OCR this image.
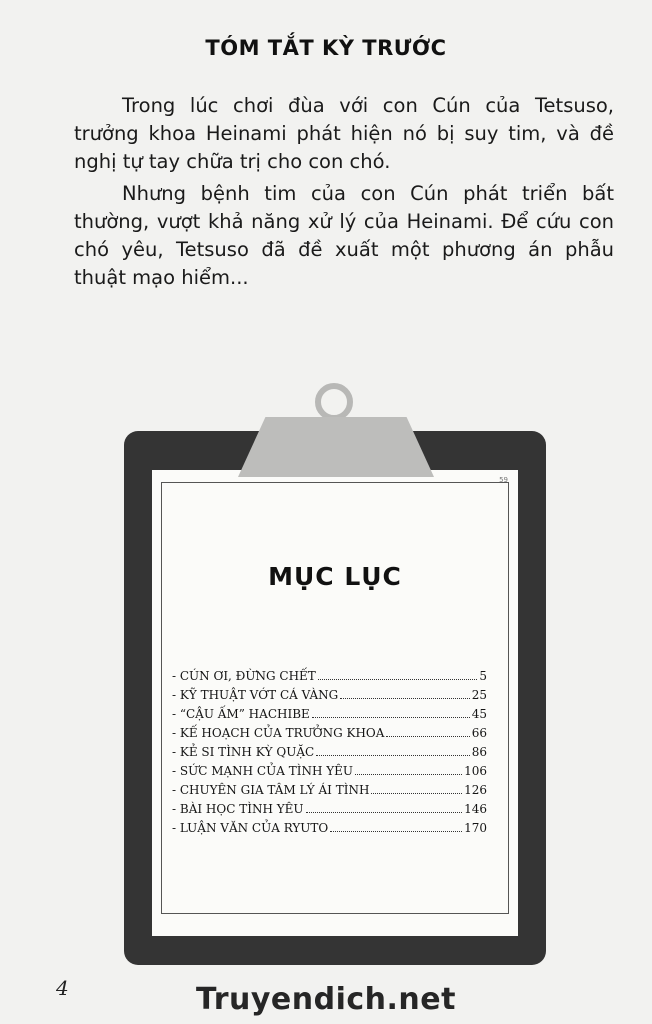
TÓM TẮT KỲ TRƯỚC

Trong lúc chơi đùa với con Cún của Tetsuso, trưởng khoa Heinami phát hiện nó bị suy tim, và đề nghị tự tay chữa trị cho con chó.

Nhưng bệnh tim của con Cún phát triển bất thường, vượt khả năng xử lý của Heinami. Để cứu con chó yêu, Tetsuso đã đề xuất một phương án phẫu thuật mạo hiểm...

59
MỤC LỤC
- CÚN ƠI, ĐỪNG CHẾT	5
- KỸ THUẬT VỚT CÁ VÀNG	25
- “CẬU ẤM” HACHIBE	45
- KẾ HOẠCH CỦA TRƯỞNG KHOA	66
- KẺ SI TÌNH KỲ QUẶC	86
- SỨC MẠNH CỦA TÌNH YÊU	106
- CHUYÊN GIA TÂM LÝ ÁI TÌNH	126
- BÀI HỌC TÌNH YÊU	146
- LUẬN VĂN CỦA RYUTO	170
4	Truyendich.net
